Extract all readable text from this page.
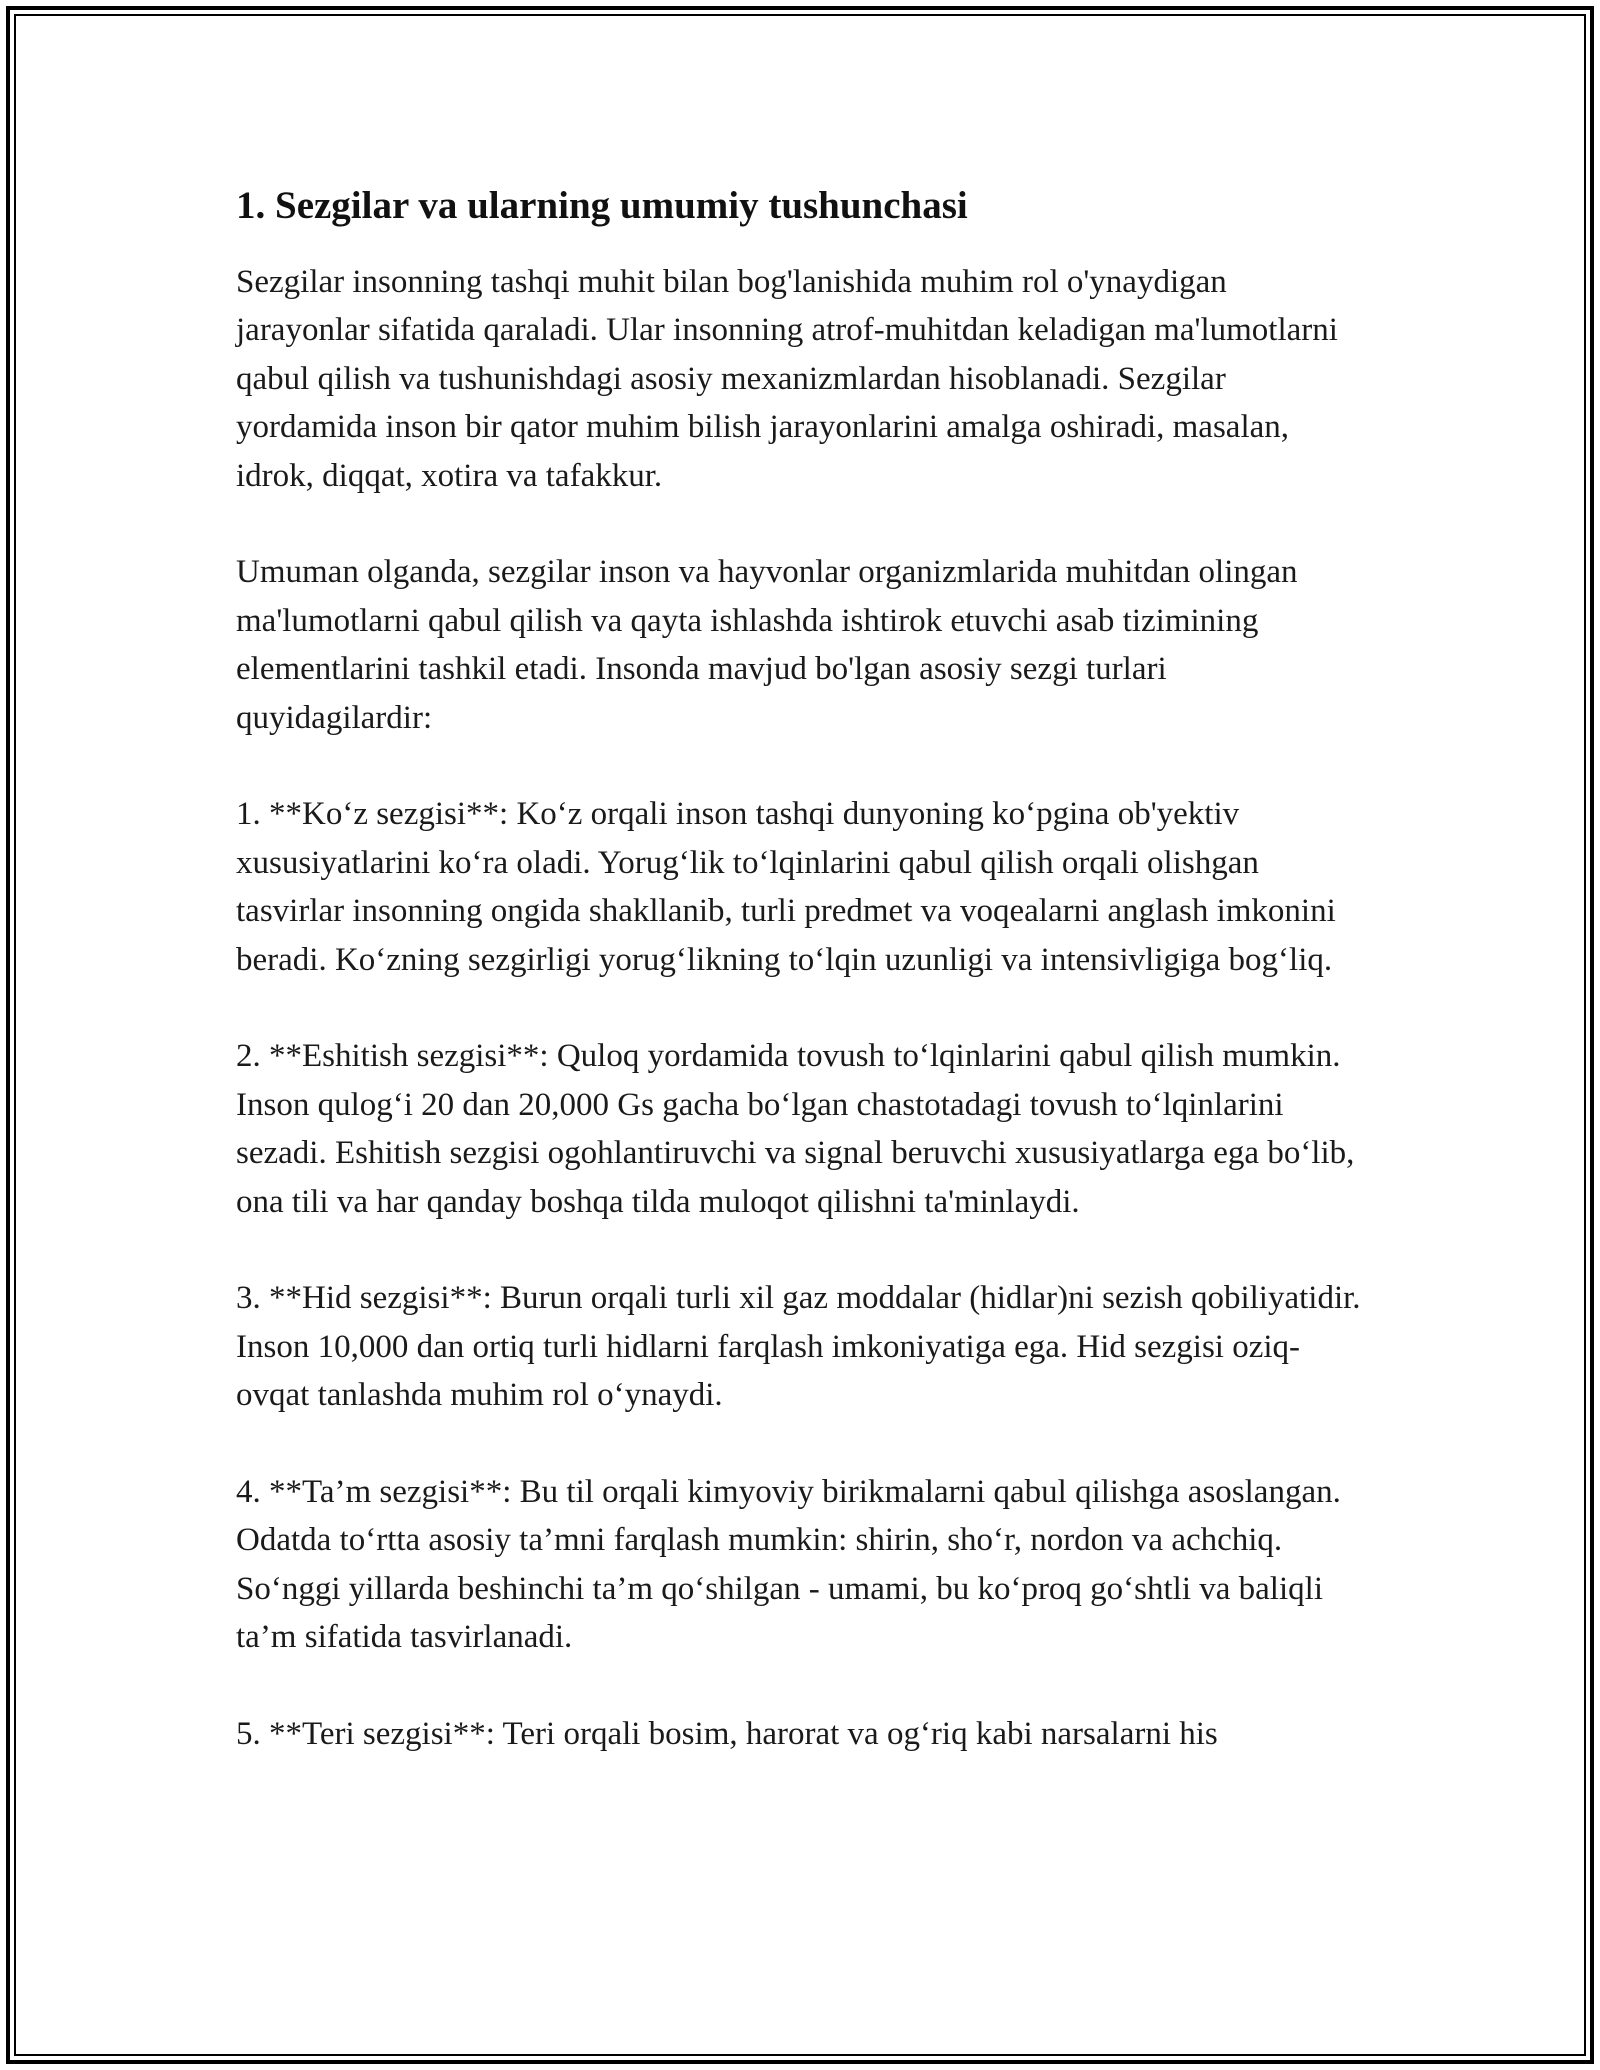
1. Sezgilar va ularning umumiy tushunchasi

Sezgilar insonning tashqi muhit bilan bog'lanishida muhim rol o'ynaydigan jarayonlar sifatida qaraladi. Ular insonning atrof-muhitdan keladigan ma'lumotlarni qabul qilish va tushunishdagi asosiy mexanizmlardan hisoblanadi. Sezgilar yordamida inson bir qator muhim bilish jarayonlarini amalga oshiradi, masalan, idrok, diqqat, xotira va tafakkur.

Umuman olganda, sezgilar inson va hayvonlar organizmlarida muhitdan olingan ma'lumotlarni qabul qilish va qayta ishlashda ishtirok etuvchi asab tizimining elementlarini tashkil etadi. Insonda mavjud bo'lgan asosiy sezgi turlari quyidagilardir:

1. **Ko‘z sezgisi**: Ko‘z orqali inson tashqi dunyoning ko‘pgina ob'yektiv xususiyatlarini ko‘ra oladi. Yorug‘lik to‘lqinlarini qabul qilish orqali olishgan tasvirlar insonning ongida shakllanib, turli predmet va voqealarni anglash imkonini beradi. Ko‘zning sezgirligi yorug‘likning to‘lqin uzunligi va intensivligiga bog‘liq.

2. **Eshitish sezgisi**: Quloq yordamida tovush to‘lqinlarini qabul qilish mumkin. Inson qulog‘i 20 dan 20,000 Gs gacha bo‘lgan chastotadagi tovush to‘lqinlarini sezadi. Eshitish sezgisi ogohlantiruvchi va signal beruvchi xususiyatlarga ega bo‘lib, ona tili va har qanday boshqa tilda muloqot qilishni ta'minlaydi.

3. **Hid sezgisi**: Burun orqali turli xil gaz moddalar (hidlar)ni sezish qobiliyatidir. Inson 10,000 dan ortiq turli hidlarni farqlash imkoniyatiga ega. Hid sezgisi oziq-ovqat tanlashda muhim rol o‘ynaydi.

4. **Ta’m sezgisi**: Bu til orqali kimyoviy birikmalarni qabul qilishga asoslangan. Odatda to‘rtta asosiy ta’mni farqlash mumkin: shirin, sho‘r, nordon va achchiq. So‘nggi yillarda beshinchi ta’m qo‘shilgan - umami, bu ko‘proq go‘shtli va baliqli ta’m sifatida tasvirlanadi.

5. **Teri sezgisi**: Teri orqali bosim, harorat va og‘riq kabi narsalarni his
